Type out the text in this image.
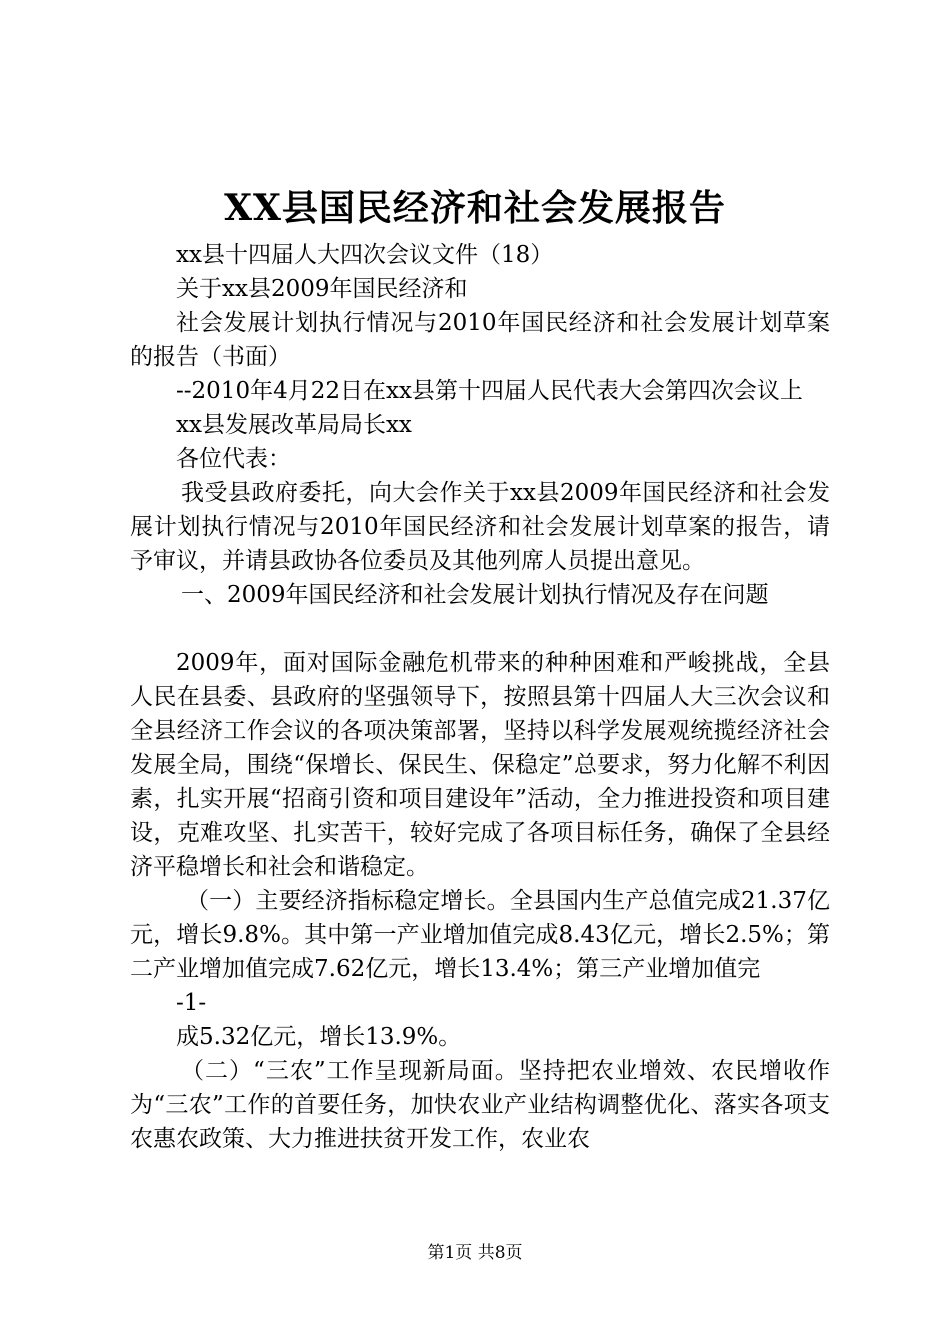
XX县国民经济和社会发展报告

xx县十四届人大四次会议文件（18）

关于xx县2009年国民经济和

社会发展计划执行情况与2010年国民经济和社会发展计划草案的报告（书面）

--2010年4月22日在xx县第十四届人民代表大会第四次会议上

xx县发展改革局局长xx

各位代表：

我受县政府委托，向大会作关于xx县2009年国民经济和社会发展计划执行情况与2010年国民经济和社会发展计划草案的报告，请予审议，并请县政协各位委员及其他列席人员提出意见。

一、2009年国民经济和社会发展计划执行情况及存在问题

2009年，面对国际金融危机带来的种种困难和严峻挑战，全县人民在县委、县政府的坚强领导下，按照县第十四届人大三次会议和全县经济工作会议的各项决策部署，坚持以科学发展观统揽经济社会发展全局，围绕“保增长、保民生、保稳定”总要求，努力化解不利因素，扎实开展“招商引资和项目建设年”活动，全力推进投资和项目建设，克难攻坚、扎实苦干，较好完成了各项目标任务，确保了全县经济平稳增长和社会和谐稳定。

（一）主要经济指标稳定增长。全县国内生产总值完成21.37亿元，增长9.8%。其中第一产业增加值完成8.43亿元，增长2.5%；第二产业增加值完成7.62亿元，增长13.4%；第三产业增加值完

-1-

成5.32亿元，增长13.9%。

（二）“三农”工作呈现新局面。坚持把农业增效、农民增收作为“三农”工作的首要任务，加快农业产业结构调整优化、落实各项支农惠农政策、大力推进扶贫开发工作，农业农

第1页 共8页
